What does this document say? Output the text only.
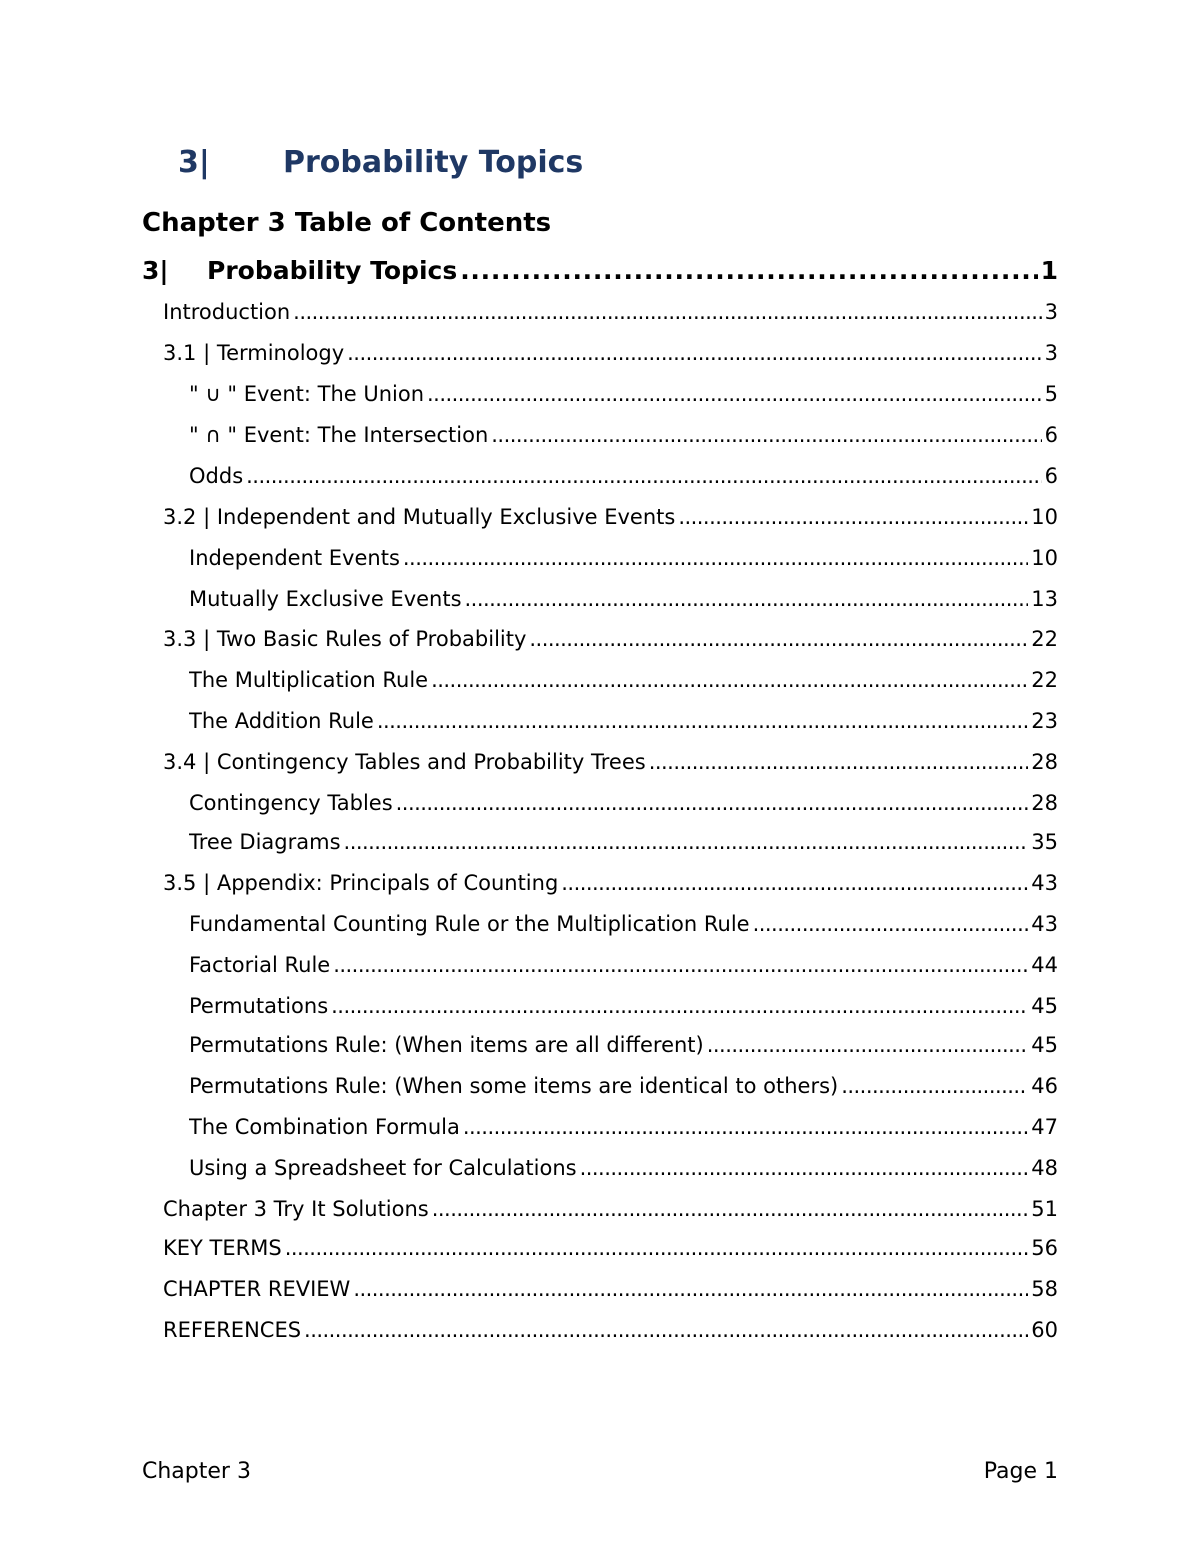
3|	Probability Topics
Chapter 3 Table of Contents
3| Probability Topics . . .	1
Introduction . . .	3
3.1 | Terminology . . .	3
" ∪ " Event: The Union . . .	5
" ∩ " Event: The Intersection . . .	6
Odds . . .	6
3.2 | Independent and Mutually Exclusive Events . . .	10
Independent Events . . .	10
Mutually Exclusive Events . . .	13
3.3 | Two Basic Rules of Probability . . .	22
The Multiplication Rule . . .	22
The Addition Rule . . .	23
3.4 | Contingency Tables and Probability Trees . . .	28
Contingency Tables . . .	28
Tree Diagrams . . .	35
3.5 | Appendix: Principals of Counting . . .	43
Fundamental Counting Rule or the Multiplication Rule . . .	43
Factorial Rule . . .	44
Permutations . . .	45
Permutations Rule: (When items are all different) . . .	45
Permutations Rule: (When some items are identical to others) . . .	46
The Combination Formula . . .	47
Using a Spreadsheet for Calculations . . .	48
Chapter 3 Try It Solutions . . .	51
KEY TERMS . . .	56
CHAPTER REVIEW . . .	58
REFERENCES . . .	60
Chapter 3	Page 1
